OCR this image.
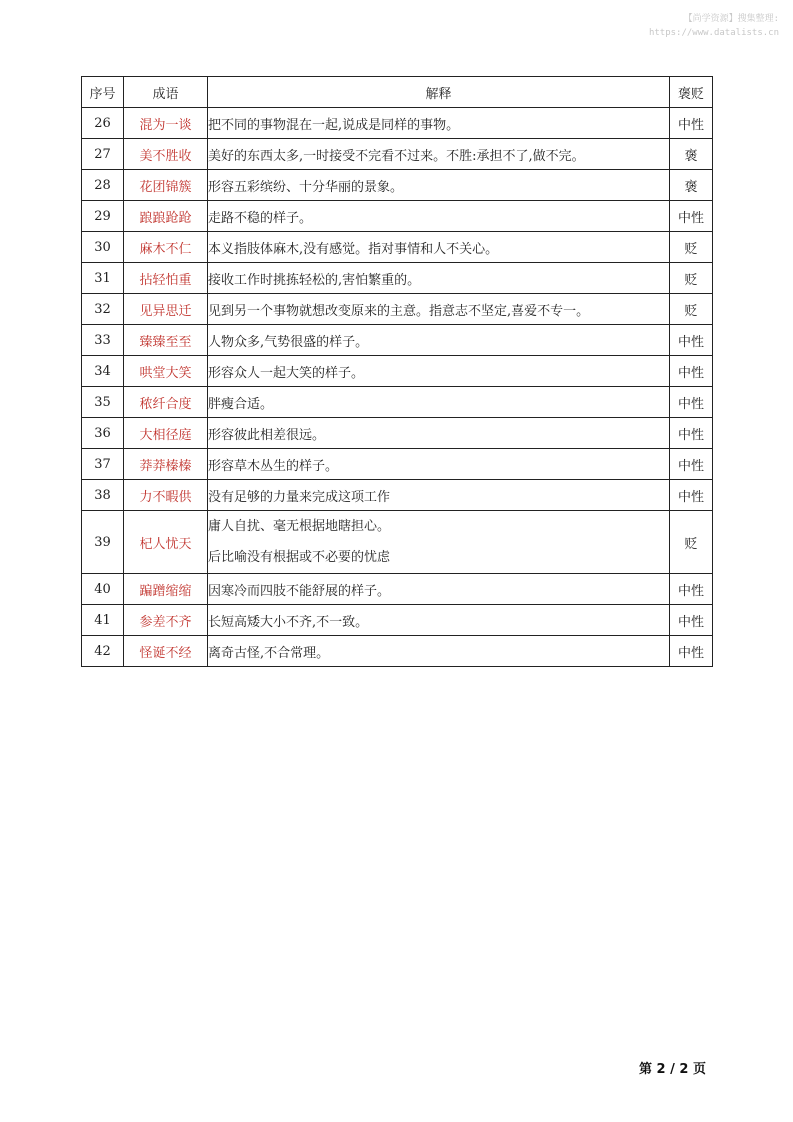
【尚学资源】搜集整理:
https://www.datalists.cn
序号	成语	解释	褒贬
26	混为一谈	把不同的事物混在一起,说成是同样的事物。	中性
27	美不胜收	美好的东西太多,一时接受不完看不过来。不胜:承担不了,做不完。	褒
28	花团锦簇	形容五彩缤纷、十分华丽的景象。	褒
29	踉踉跄跄	走路不稳的样子。	中性
30	麻木不仁	本义指肢体麻木,没有感觉。指对事情和人不关心。	贬
31	拈轻怕重	接收工作时挑拣轻松的,害怕繁重的。	贬
32	见异思迁	见到另一个事物就想改变原来的主意。指意志不坚定,喜爱不专一。	贬
33	臻臻至至	人物众多,气势很盛的样子。	中性
34	哄堂大笑	形容众人一起大笑的样子。	中性
35	秾纤合度	胖瘦合适。	中性
36	大相径庭	形容彼此相差很远。	中性
37	莽莽榛榛	形容草木丛生的样子。	中性
38	力不暇供	没有足够的力量来完成这项工作	中性
39	杞人忧天	庸人自扰、毫无根据地瞎担心。
后比喻没有根据或不必要的忧虑	贬
40	蹁蹭缩缩	因寒冷而四肢不能舒展的样子。	中性
41	参差不齐	长短高矮大小不齐,不一致。	中性
42	怪诞不经	离奇古怪,不合常理。	中性
第 2 / 2 页
